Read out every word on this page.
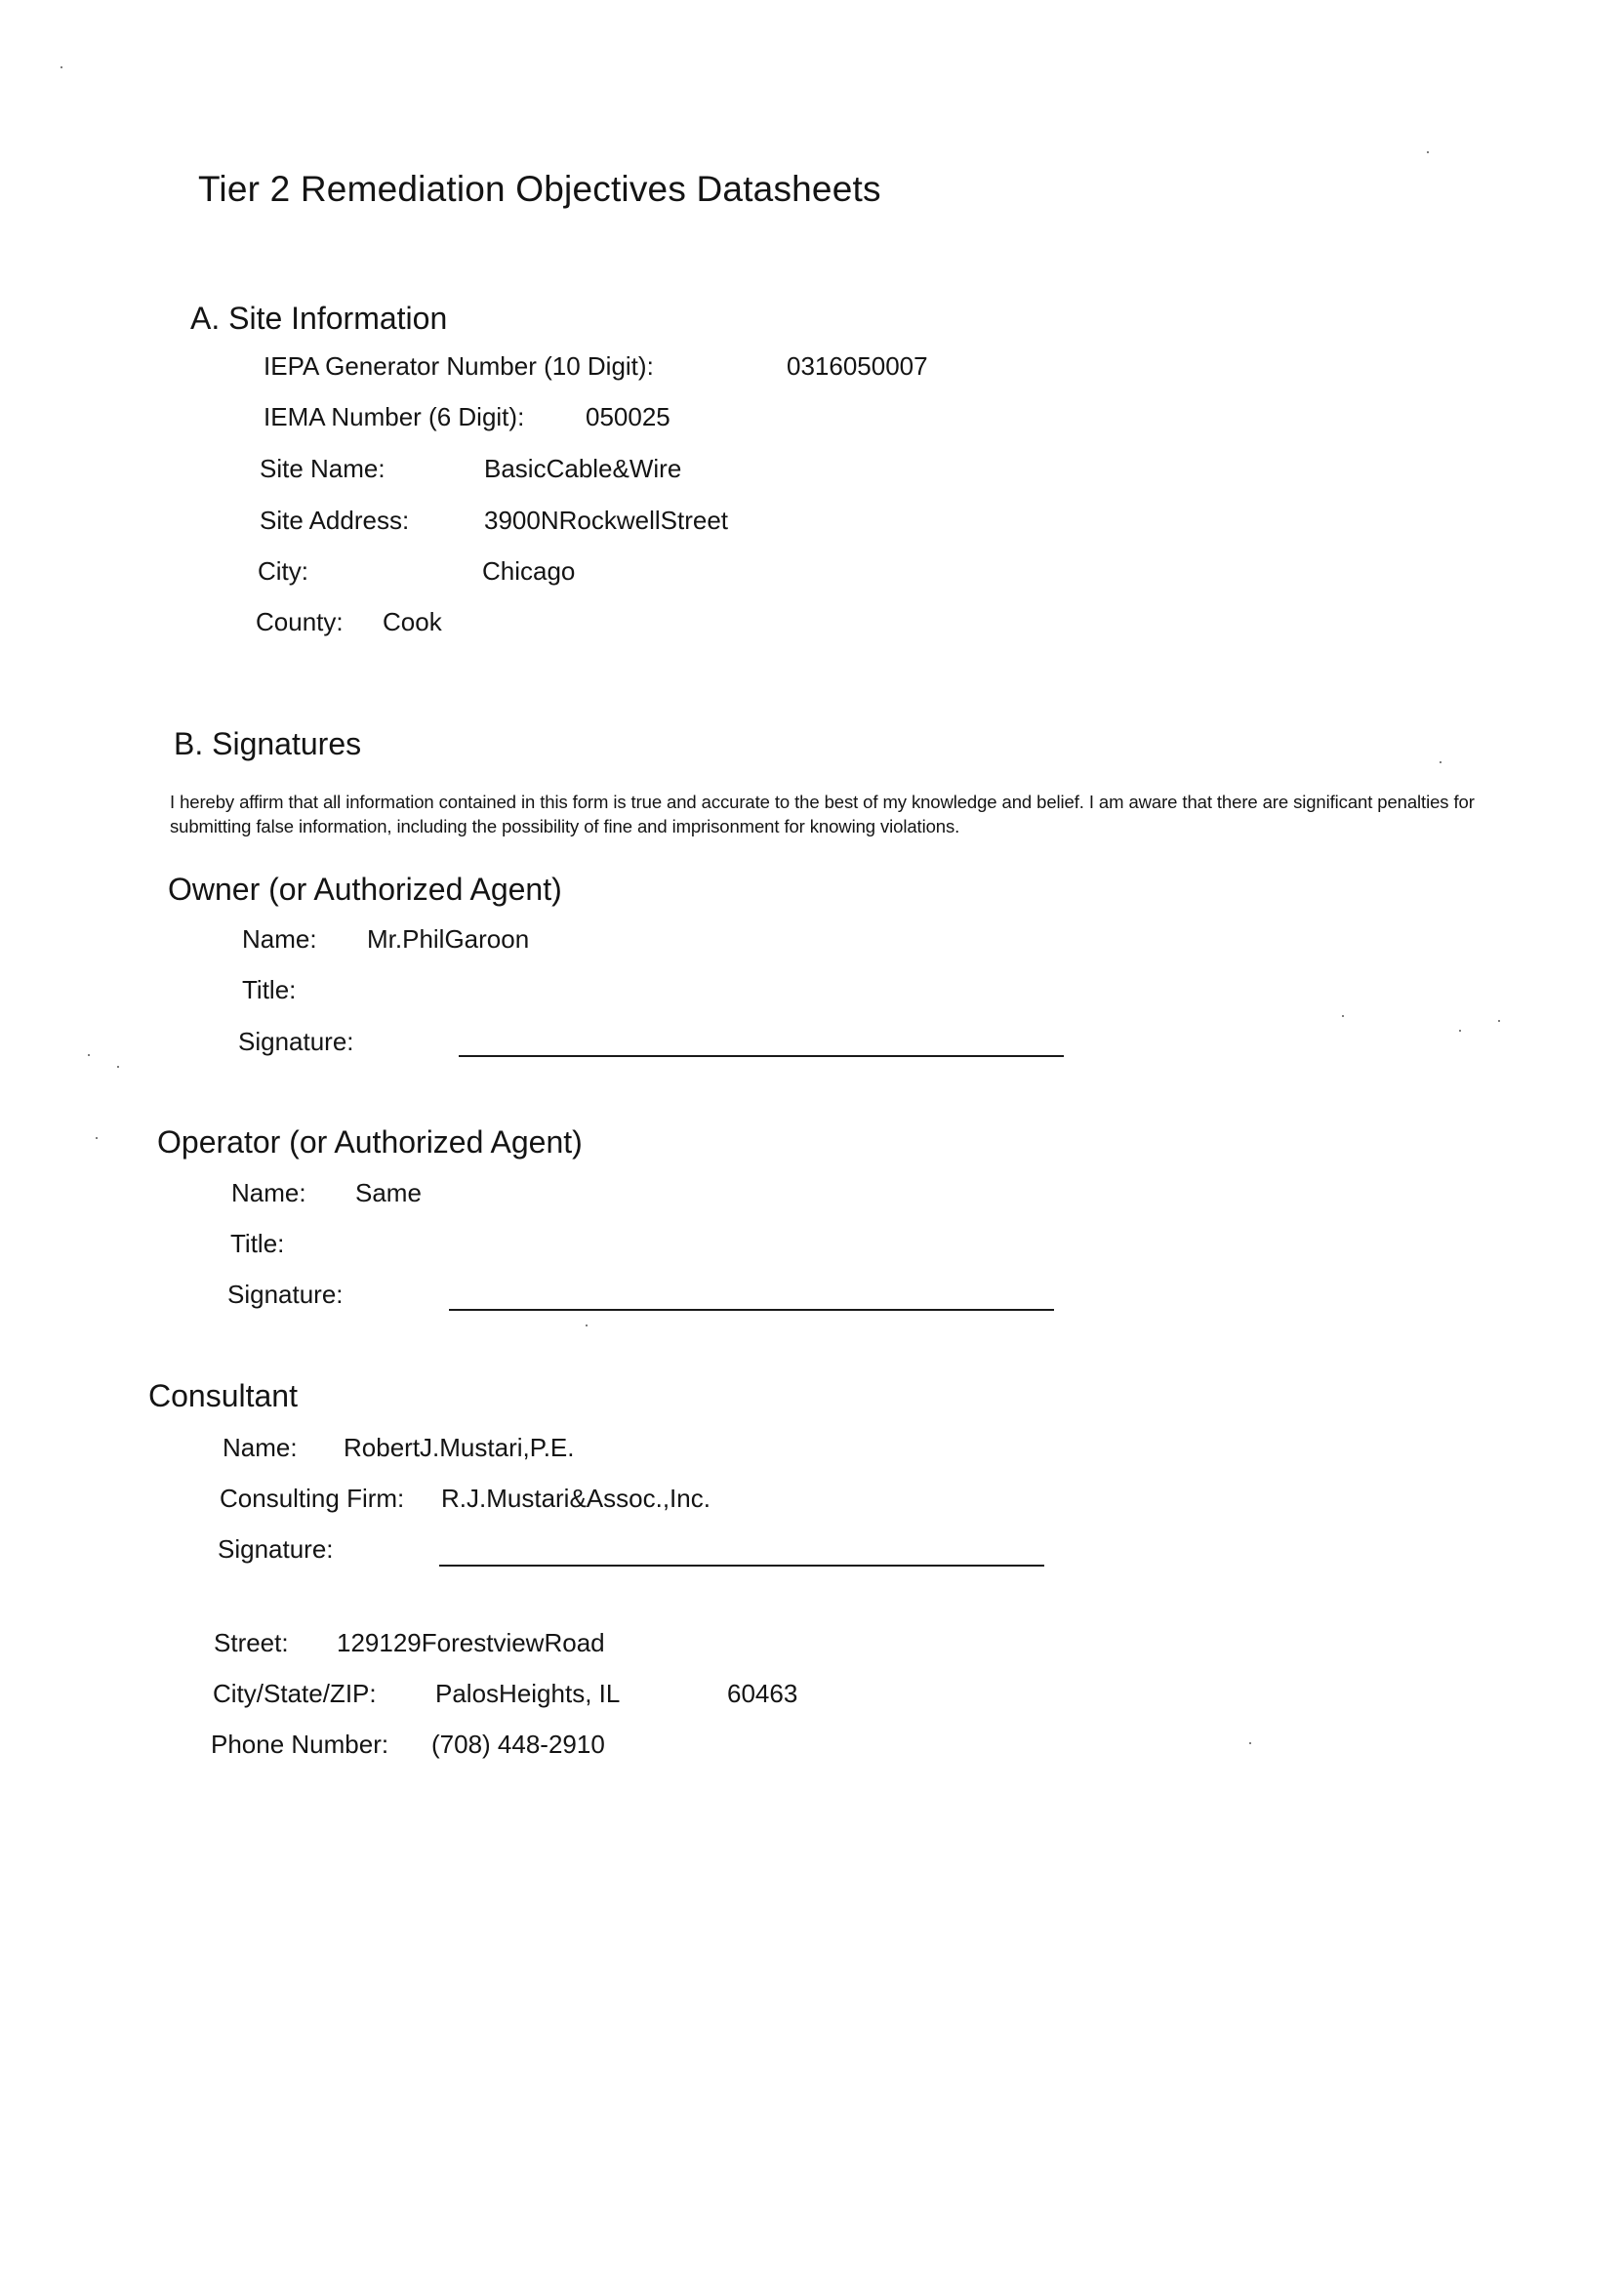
Tier 2 Remediation Objectives Datasheets
A. Site Information
IEPA Generator Number (10 Digit):	0316050007
IEMA Number (6 Digit): 050025
Site Name:	BasicCable&Wire
Site Address:	3900NRockwellStreet
City:	Chicago
County: Cook
B. Signatures
I hereby affirm that all information contained in this form is true and accurate to the best of my knowledge and belief. I am aware that there are significant penalties for submitting false information, including the possibility of fine and imprisonment for knowing violations.
Owner (or Authorized Agent)
Name: Mr.PhilGaroon
Title:
Signature:
Operator (or Authorized Agent)
Name: Same
Title:
Signature:
Consultant
Name: RobertJ.Mustari,P.E.
Consulting Firm: R.J.Mustari&Assoc.,Inc.
Signature:
Street: 129129ForestviewRoad
City/State/ZIP: PalosHeights, IL	60463
Phone Number: (708) 448-2910
